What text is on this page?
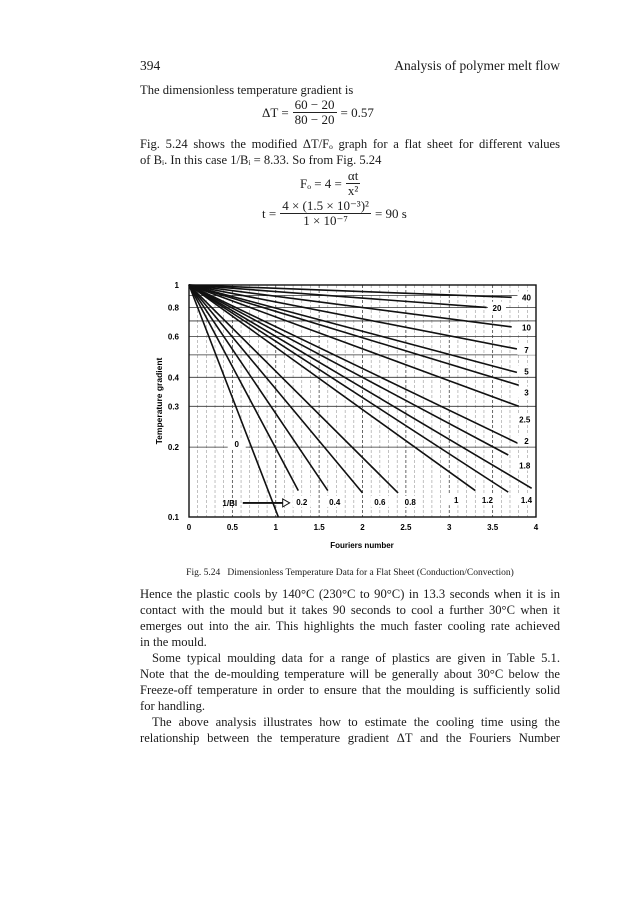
394	Analysis of polymer melt flow
The dimensionless temperature gradient is
$\Delta T = \frac{60 - 20}{80 - 20} = 0.57$
Fig. 5.24 shows the modified ΔT/Fₒ graph for a flat sheet for different values
of Bᵢ. In this case 1/Bᵢ = 8.33. So from Fig. 5.24
$F_o = 4 = \frac{\alpha t}{\text{x²}}$
$t = \frac{\text{4 × (1.5 × 10⁻³)²}}{\text{1 × 10⁻⁷}} = 90$ s
0
0.2	0.4	0.6 0.8	1	1.2	1.4
1.8
2
2.5
3
5
7
10
20
40
1/BI
0	0.5	1	1.5	2	2.5	3	3.5	4
0.1
0.2
0.3
0.4
0.6
0.8
1
Fouriers number
Temperature gradient
Fig. 5.24 Dimensionless Temperature Data for a Flat Sheet (Conduction/Convection)
Hence the plastic cools by 140°C (230°C to 90°C) in 13.3 seconds when it is in
contact with the mould but it takes 90 seconds to cool a further 30°C when it
emerges out into the air. This highlights the much faster cooling rate achieved
in the mould.
Some typical moulding data for a range of plastics are given in Table 5.1.
Note that the de-moulding temperature will be generally about 30°C below the
Freeze-off temperature in order to ensure that the moulding is sufficiently solid
for handling.
The above analysis illustrates how to estimate the cooling time using the
relationship between the temperature gradient ΔT and the Fouriers Number
